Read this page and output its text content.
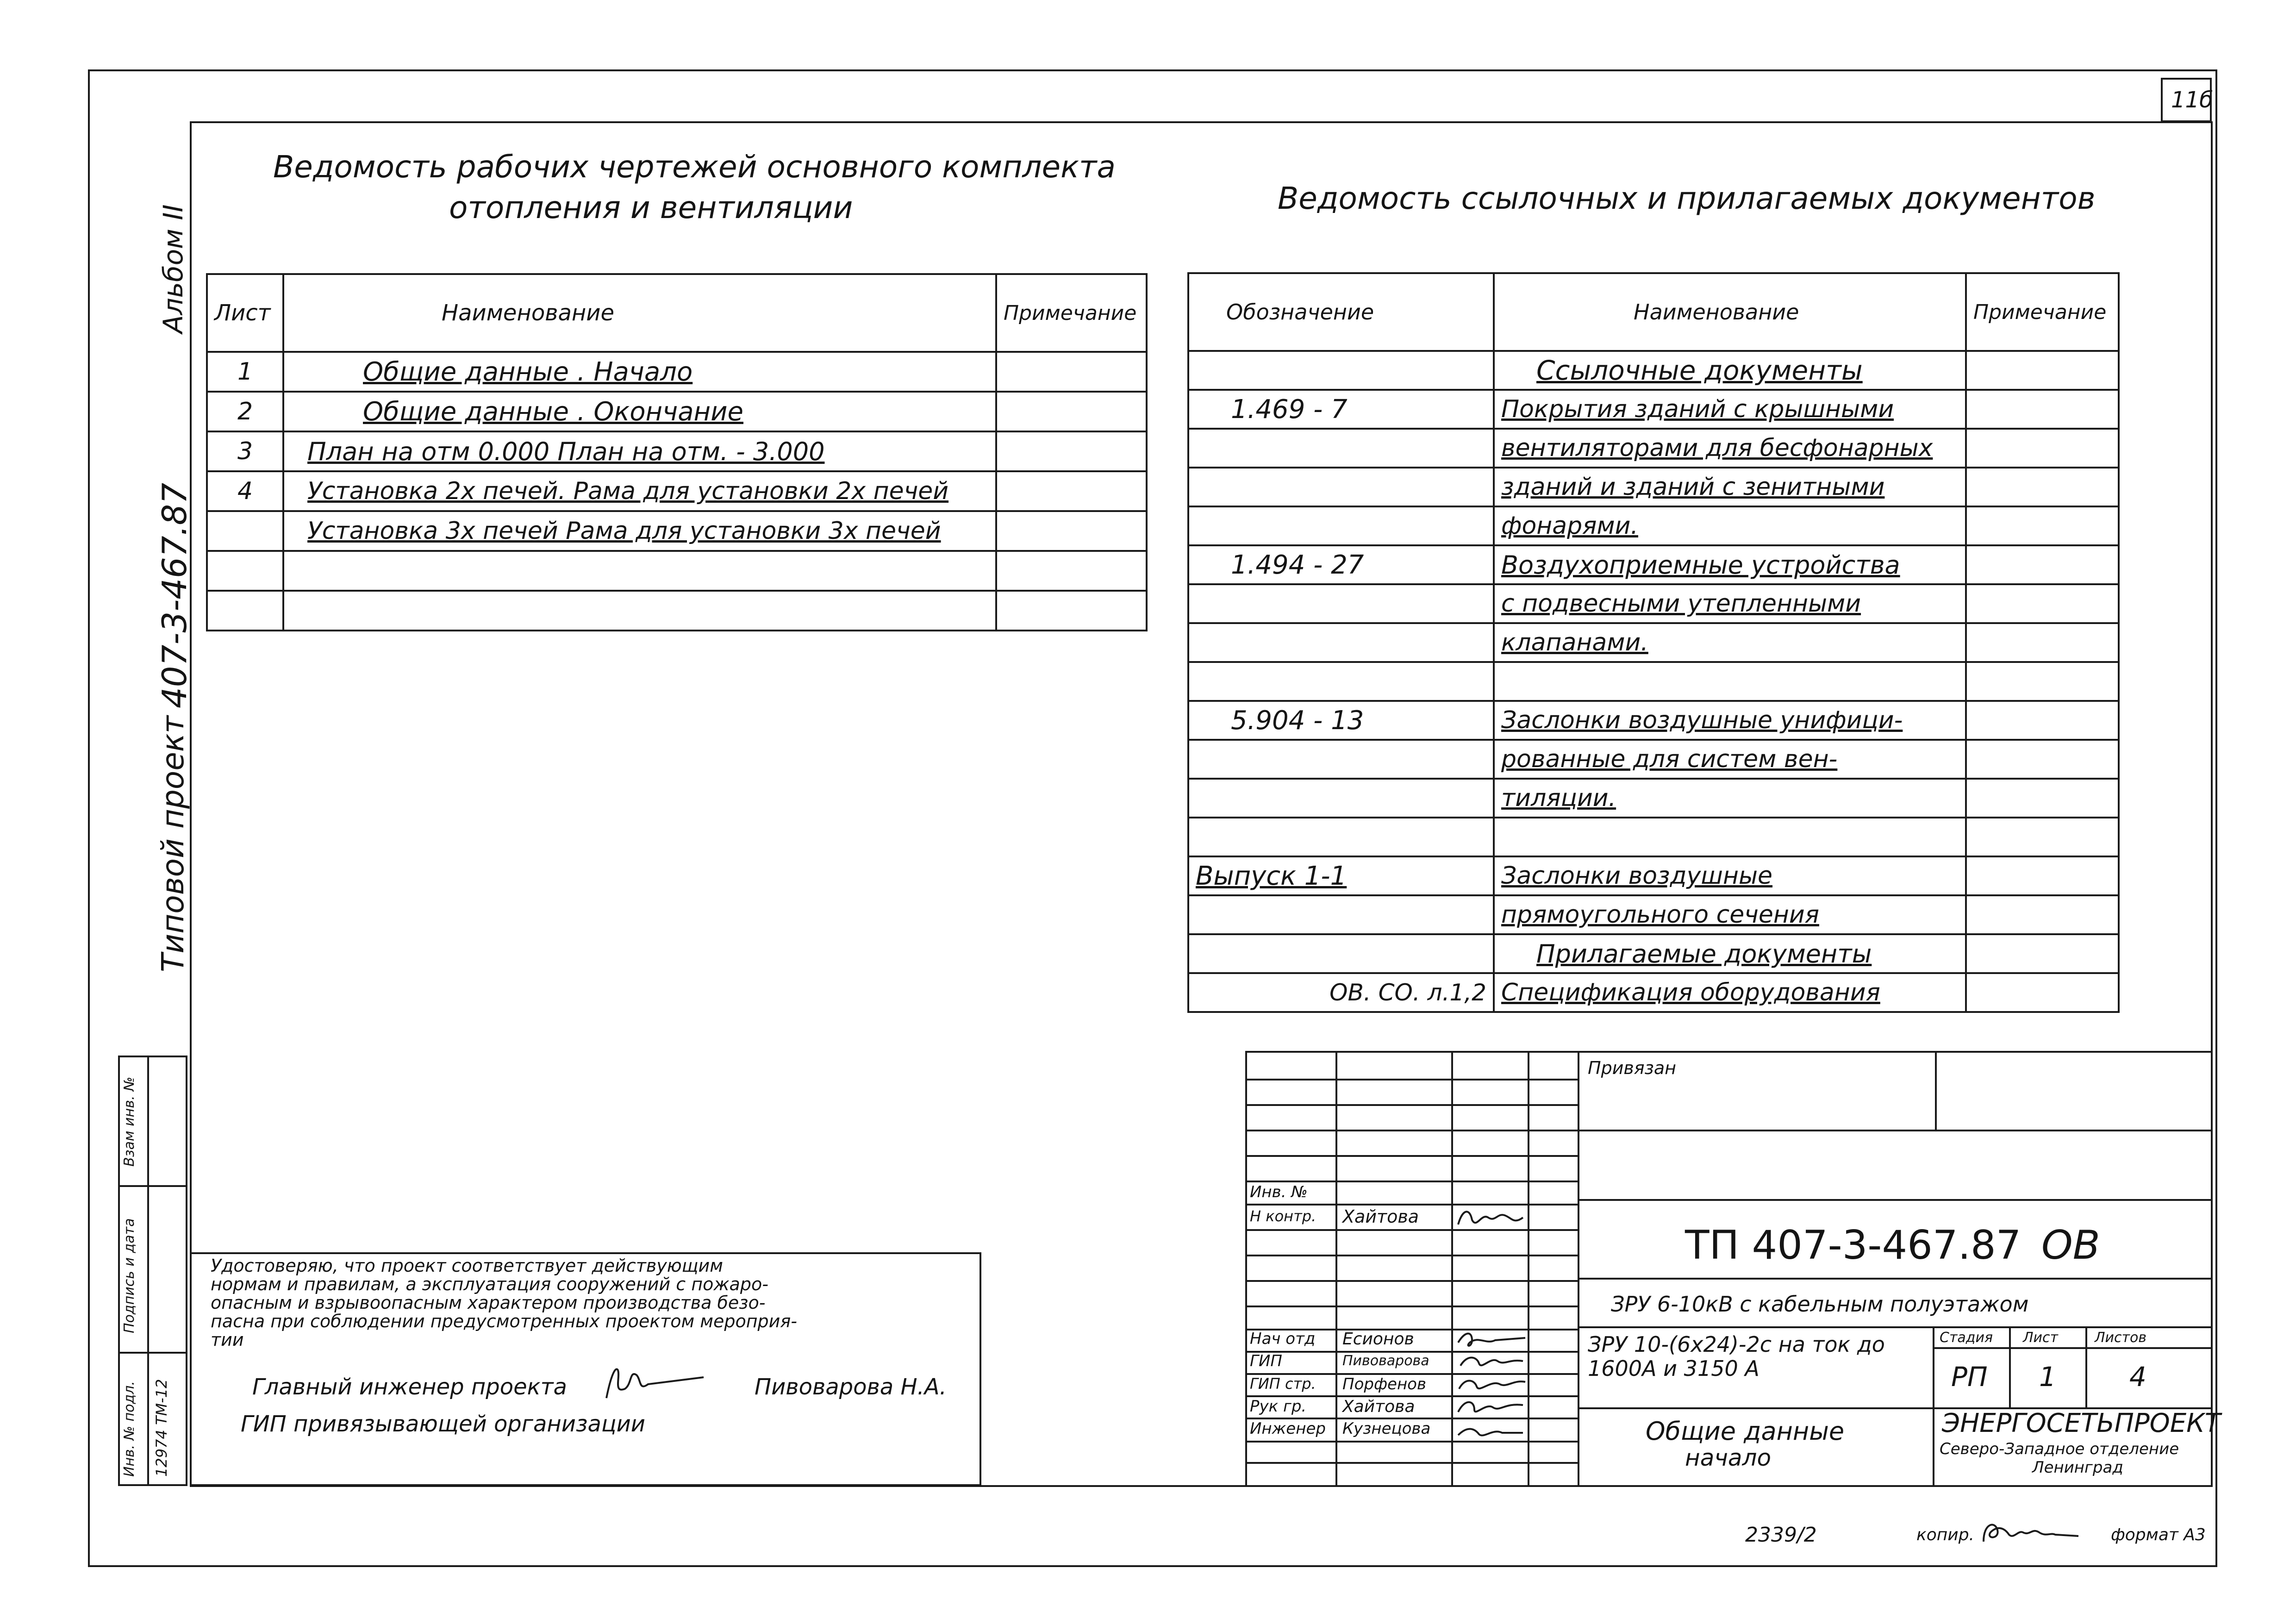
11б
Альбом II
407-3-467.87
Типовой проект
Взам инв. №
Подпись и дата
Инв. № подл. 12974 ТМ-12
Ведомость рабочих чертежей основного комплекта
отопления и вентиляции
Лист	Наименование	Примечание
1	Общие данные . Начало	
2	Общие данные . Окончание	
3	План на отм 0.000 План на отм. - 3.000	
4	Установка 2х печей. Рама для установки 2х печей	
	Установка 3х печей Рама для установки 3х печей	

Ведомость ссылочных и прилагаемых документов
Обозначение	Наименование	Примечание
	Ссылочные документы	
1.469 - 7	Покрытия зданий с крышными	
	вентиляторами для бесфонарных	
	зданий и зданий с зенитными	
	фонарями.	
1.494 - 27	Воздухоприемные устройства	
	с подвесными утепленными	
	клапанами.	

5.904 - 13	Заслонки воздушные унифици-	
	рованные для систем вен-	
	тиляции.	

Выпуск 1-1	Заслонки воздушные	
	прямоугольного сечения	
	Прилагаемые документы	
ОВ. СО. л.1,2	Спецификация оборудования	
Удостоверяю, что проект соответствует действующим
нормам и правилам, а эксплуатация сооружений с пожаро-
опасным и взрывоопасным характером производства безо-
пасна при соблюдении предусмотренных проектом мероприя-
тии
Главный инженер проекта	Пивоварова Н.А.
ГИП привязывающей организации
Привязан
Инв. №
Н контр. Хайтова
Нач отд Есионов
ГИП	Пивоварова
ГИП стр. Порфенов
Рук гр. Хайтова
Инженер Кузнецова
ТП 407-3-467.87 ОВ
ЗРУ 6-10кВ с кабельным полуэтажом
ЗРУ 10-(6х24)-2с на ток до 1600А и 3150 А
Общие данные
начало
Стадия Лист	Листов
РП 1	4
ЭНЕРГОСЕТЬПРОЕКТ
Северо-Западное отделение
Ленинград
2339/2	копир.	формат А3
